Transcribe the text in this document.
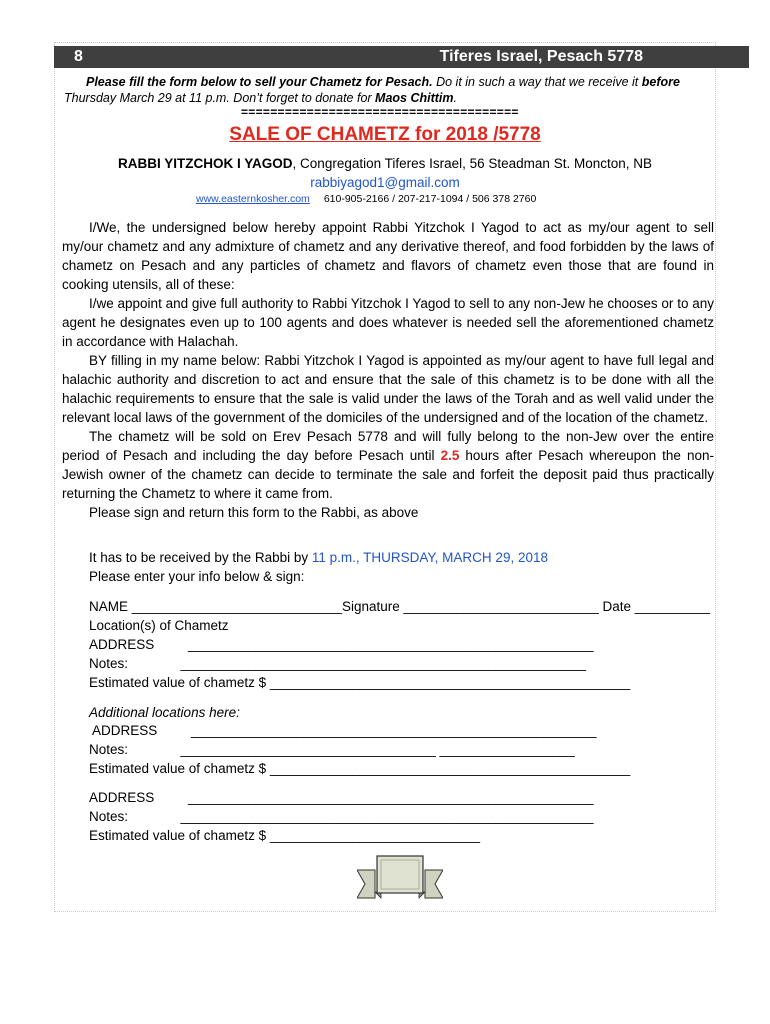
8	Tiferes Israel, Pesach 5778
Please fill the form below to sell your Chametz for Pesach. Do it in such a way that we receive it before Thursday March 29 at 11 p.m. Don’t forget to donate for Maos Chittim.
======================================
SALE OF CHAMETZ for 2018 /5778
RABBI YITZCHOK I YAGOD, Congregation Tiferes Israel, 56 Steadman St. Moncton, NB
rabbiyagod1@gmail.com
www.easternkosher.com 610-905-2166 / 207-217-1094 / 506 378 2760

I/We, the undersigned below hereby appoint Rabbi Yitzchok I Yagod to act as my/our agent to sell my/our chametz and any admixture of chametz and any derivative thereof, and food forbidden by the laws of chametz on Pesach and any particles of chametz and flavors of chametz even those that are found in cooking utensils, all of these:

I/we appoint and give full authority to Rabbi Yitzchok I Yagod to sell to any non-Jew he chooses or to any agent he designates even up to 100 agents and does whatever is needed sell the aforementioned chametz in accordance with Halachah.

BY filling in my name below: Rabbi Yitzchok I Yagod is appointed as my/our agent to have full legal and halachic authority and discretion to act and ensure that the sale of this chametz is to be done with all the halachic requirements to ensure that the sale is valid under the laws of the Torah and as well valid under the relevant local laws of the government of the domiciles of the undersigned and of the location of the chametz.

The chametz will be sold on Erev Pesach 5778 and will fully belong to the non-Jew over the entire period of Pesach and including the day before Pesach until 2.5 hours after Pesach whereupon the non-Jewish owner of the chametz can decide to terminate the sale and forfeit the deposit paid thus practically returning the Chametz to where it came from.

Please sign and return this form to the Rabbi, as above

It has to be received by the Rabbi by 11 p.m., THURSDAY, MARCH 29, 2018
Please enter your info below & sign:
NAME ____________________________Signature __________________________ Date __________
Location(s) of Chametz
ADDRESS         ______________________________________________________
Notes:              ______________________________________________________
Estimated value of chametz $ ________________________________________________
Additional locations here:
ADDRESS         ______________________________________________________
Notes:              __________________________________ __________________
Estimated value of chametz $ ________________________________________________
ADDRESS         ______________________________________________________
Notes:              _______________________________________________________
Estimated value of chametz $ ____________________________
